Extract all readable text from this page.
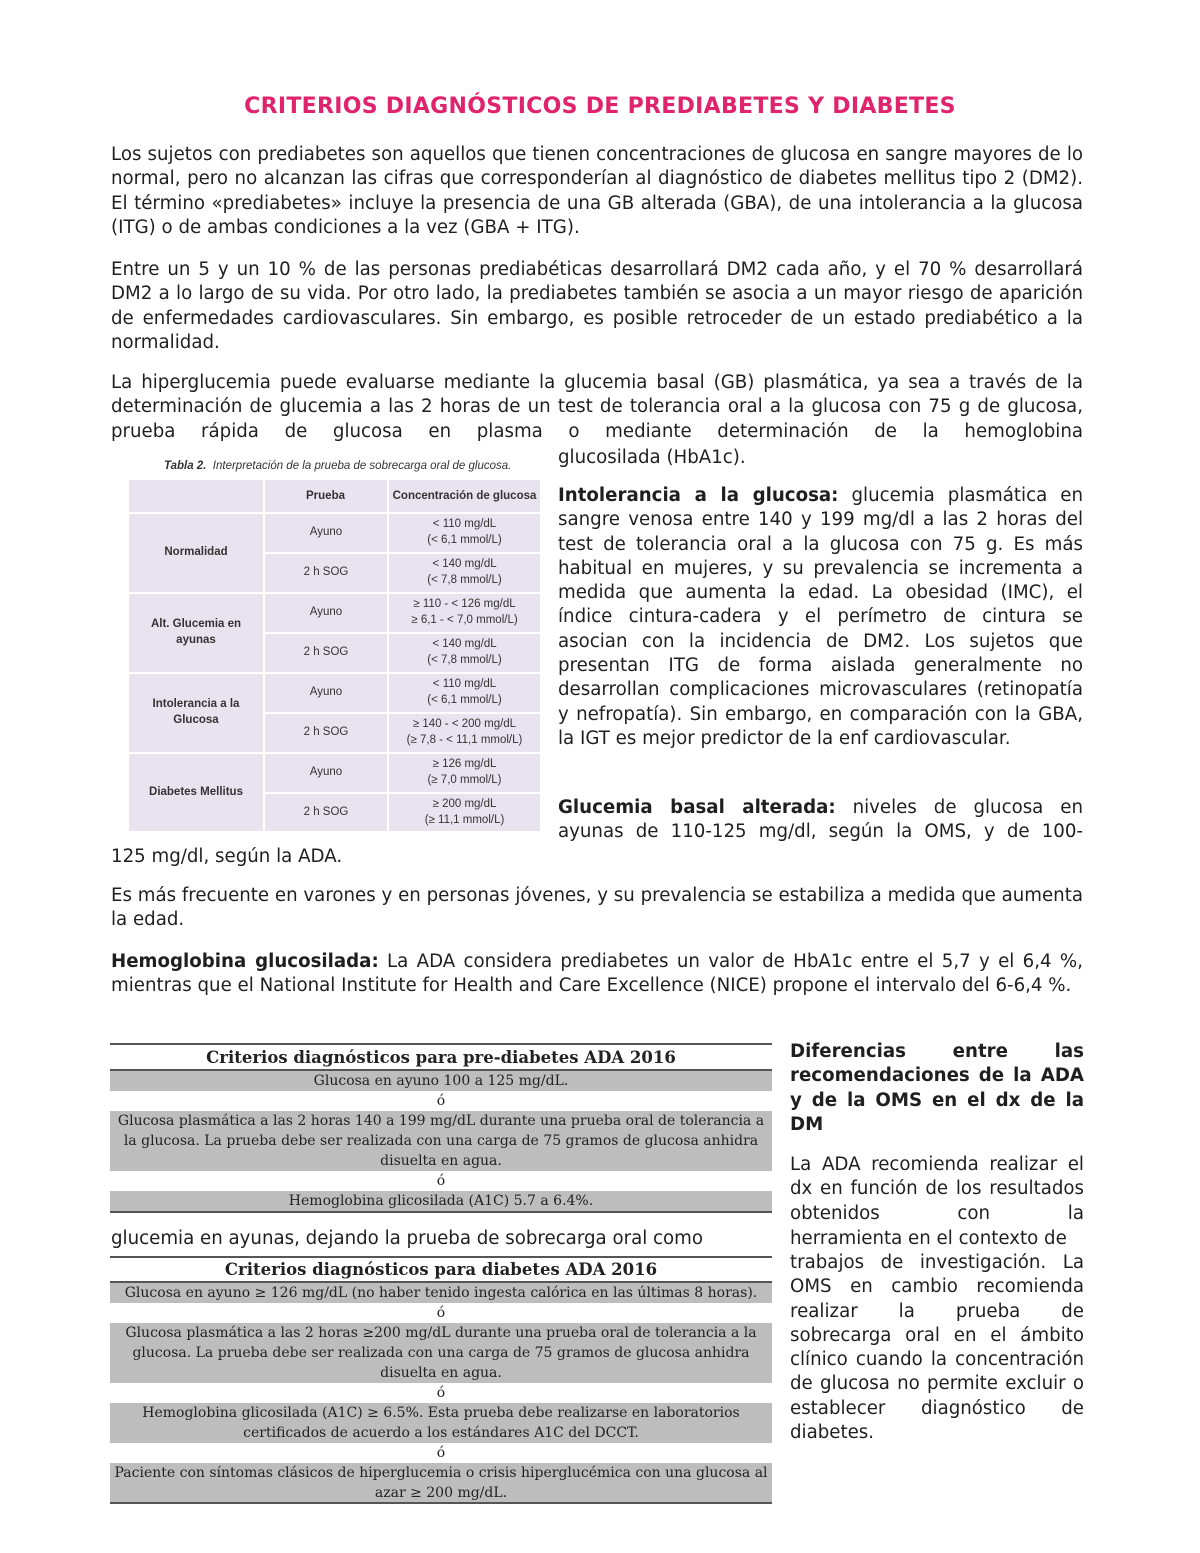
CRITERIOS DIAGNÓSTICOS DE PREDIABETES Y DIABETES

Los sujetos con prediabetes son aquellos que tienen concentraciones de glucosa en sangre mayores de lo normal, pero no alcanzan las cifras que corresponderían al diagnóstico de diabetes mellitus tipo 2 (DM2). El término «prediabetes» incluye la presencia de una GB alterada (GBA), de una intolerancia a la glucosa (ITG) o de ambas condiciones a la vez (GBA + ITG).

Entre un 5 y un 10 % de las personas prediabéticas desarrollará DM2 cada año, y el 70 % desarrollará DM2 a lo largo de su vida. Por otro lado, la prediabetes también se asocia a un mayor riesgo de aparición de enfermedades cardiovasculares. Sin embargo, es posible retroceder de un estado prediabético a la normalidad.

La hiperglucemia puede evaluarse mediante la glucemia basal (GB) plasmática, ya sea a través de la determinación de glucemia a las 2 horas de un test de tolerancia oral a la glucosa con 75 g de glucosa, prueba rápida de glucosa en plasma o mediante determinación de la hemoglobina

glucosilada (HbA1c).

Tabla 2. Interpretación de la prueba de sobrecarga oral de glucosa.
Prueba	Concentración de glucosa
Normalidad
Alt. Glucemia en ayunas
Intolerancia a la Glucosa
Diabetes Mellitus
Ayuno
2 h SOG
Ayuno
2 h SOG
Ayuno
2 h SOG
Ayuno
2 h SOG
< 110 mg/dL
(< 6,1 mmol/L)
< 140 mg/dL
(< 7,8 mmol/L)
≥ 110 - < 126 mg/dL
≥ 6,1 - < 7,0 mmol/L)
< 140 mg/dL
(< 7,8 mmol/L)
< 110 mg/dL
(< 6,1 mmol/L)
≥ 140 - < 200 mg/dL
(≥ 7,8 - < 11,1 mmol/L)
≥ 126 mg/dL
(≥ 7,0 mmol/L)
≥ 200 mg/dL
(≥ 11,1 mmol/L)

Intolerancia a la glucosa: glucemia plasmática en sangre venosa entre 140 y 199 mg/dl a las 2 horas del test de tolerancia oral a la glucosa con 75 g. Es más habitual en mujeres, y su prevalencia se incrementa a medida que aumenta la edad. La obesidad (IMC), el índice cintura-cadera y el perímetro de cintura se asocian con la incidencia de DM2. Los sujetos que presentan ITG de forma aislada generalmente no desarrollan complicaciones microvasculares (retinopatía y nefropatía). Sin embargo, en comparación con la GBA, la IGT es mejor predictor de la enf cardiovascular.

Glucemia basal alterada: niveles de glucosa en ayunas de 110-125 mg/dl, según la OMS, y de 100-

125 mg/dl, según la ADA.

Es más frecuente en varones y en personas jóvenes, y su prevalencia se estabiliza a medida que aumenta la edad.

Hemoglobina glucosilada: La ADA considera prediabetes un valor de HbA1c entre el 5,7 y el 6,4 %, mientras que el National Institute for Health and Care Excellence (NICE) propone el intervalo del 6-6,4 %.

Criterios diagnósticos para pre-diabetes ADA 2016
Glucosa en ayuno 100 a 125 mg/dL.
ó
Glucosa plasmática a las 2 horas 140 a 199 mg/dL durante una prueba oral de tolerancia a la glucosa. La prueba debe ser realizada con una carga de 75 gramos de glucosa anhidra disuelta en agua.
ó
Hemoglobina glicosilada (A1C) 5.7 a 6.4%.
glucemia en ayunas, dejando la prueba de sobrecarga oral como
Criterios diagnósticos para diabetes ADA 2016
Glucosa en ayuno ≥ 126 mg/dL (no haber tenido ingesta calórica en las últimas 8 horas).
ó
Glucosa plasmática a las 2 horas ≥200 mg/dL durante una prueba oral de tolerancia a la glucosa. La prueba debe ser realizada con una carga de 75 gramos de glucosa anhidra disuelta en agua.
ó
Hemoglobina glicosilada (A1C) ≥ 6.5%. Esta prueba debe realizarse en laboratorios certificados de acuerdo a los estándares A1C del DCCT.
ó
Paciente con síntomas clásicos de hiperglucemia o crisis hiperglucémica con una glucosa al azar ≥ 200 mg/dL.

Diferencias entre las recomendaciones de la ADA y de la OMS en el dx de la DM

La ADA recomienda realizar el dx en función de los resultados obtenidos con la

herramienta en el contexto de

trabajos de investigación. La OMS en cambio recomienda realizar la prueba de sobrecarga oral en el ámbito clínico cuando la concentración de glucosa no permite excluir o establecer diagnóstico de diabetes.
